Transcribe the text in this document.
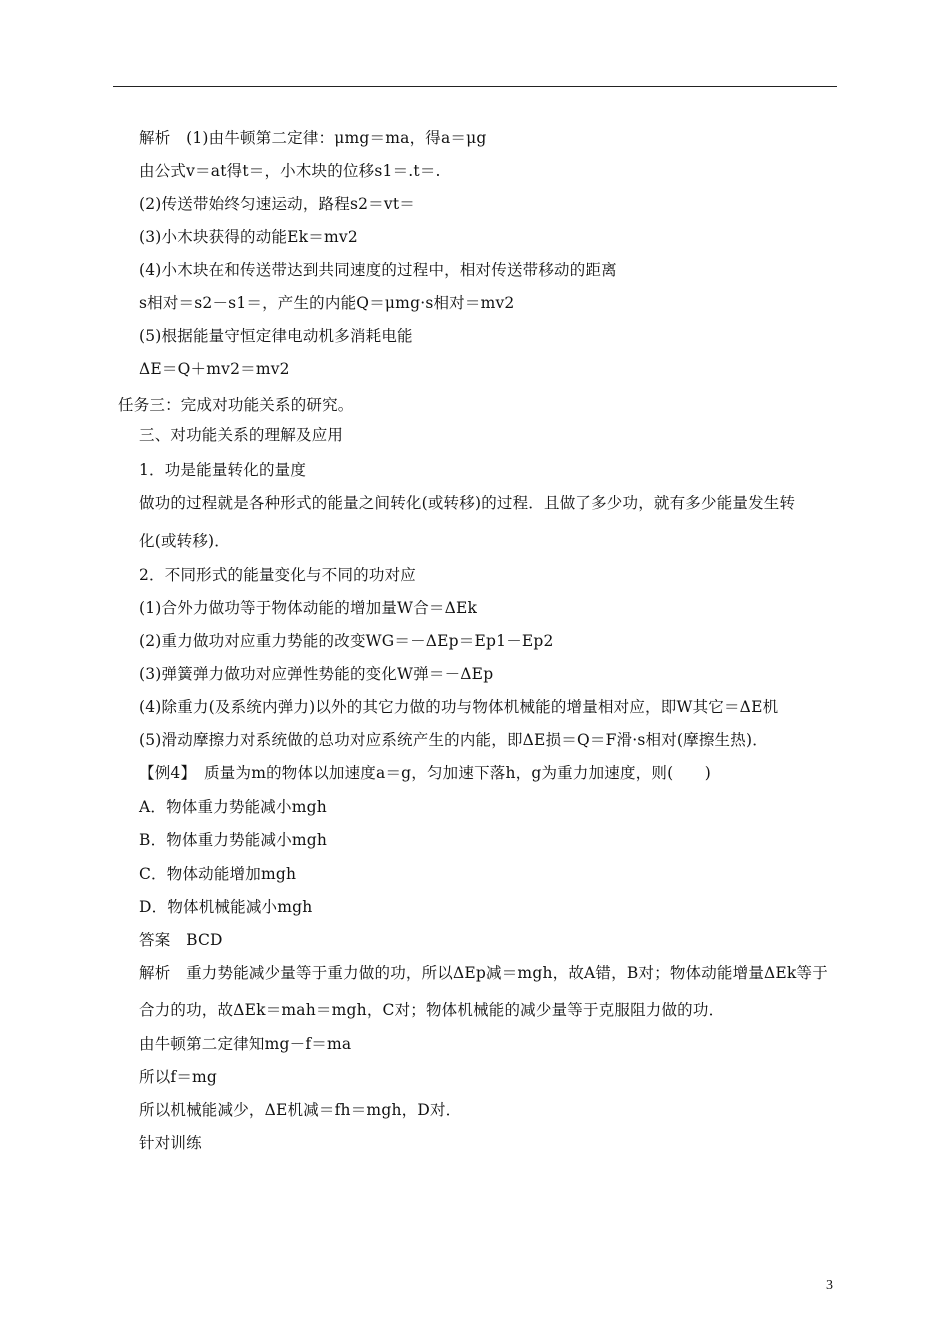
解析　(1)由牛顿第二定律：μmg＝ma，得a＝μg
由公式v＝at得t＝，小木块的位移s1＝.t＝.
(2)传送带始终匀速运动，路程s2＝vt＝
(3)小木块获得的动能Ek＝mv2
(4)小木块在和传送带达到共同速度的过程中，相对传送带移动的距离
s相对＝s2－s1＝，产生的内能Q＝μmg·s相对＝mv2
(5)根据能量守恒定律电动机多消耗电能
ΔE＝Q＋mv2＝mv2
任务三：完成对功能关系的研究。
三、对功能关系的理解及应用
1．功是能量转化的量度
做功的过程就是各种形式的能量之间转化(或转移)的过程．且做了多少功，就有多少能量发生转
化(或转移)．
2．不同形式的能量变化与不同的功对应
(1)合外力做功等于物体动能的增加量W合＝ΔEk
(2)重力做功对应重力势能的改变WG＝－ΔEp＝Ep1－Ep2
(3)弹簧弹力做功对应弹性势能的变化W弹＝－ΔEp
(4)除重力(及系统内弹力)以外的其它力做的功与物体机械能的增量相对应，即W其它＝ΔE机
(5)滑动摩擦力对系统做的总功对应系统产生的内能，即ΔE损＝Q＝F滑·s相对(摩擦生热)．
【例4】　质量为m的物体以加速度a＝g，匀加速下落h，g为重力加速度，则(　　)
A．物体重力势能减小mgh
B．物体重力势能减小mgh
C．物体动能增加mgh
D．物体机械能减小mgh
答案　BCD
解析　重力势能减少量等于重力做的功，所以ΔEp减＝mgh，故A错，B对；物体动能增量ΔEk等于
合力的功，故ΔEk＝mah＝mgh，C对；物体机械能的减少量等于克服阻力做的功．
由牛顿第二定律知mg－f＝ma
所以f＝mg
所以机械能减少，ΔE机减＝fh＝mgh，D对．
针对训练
3
